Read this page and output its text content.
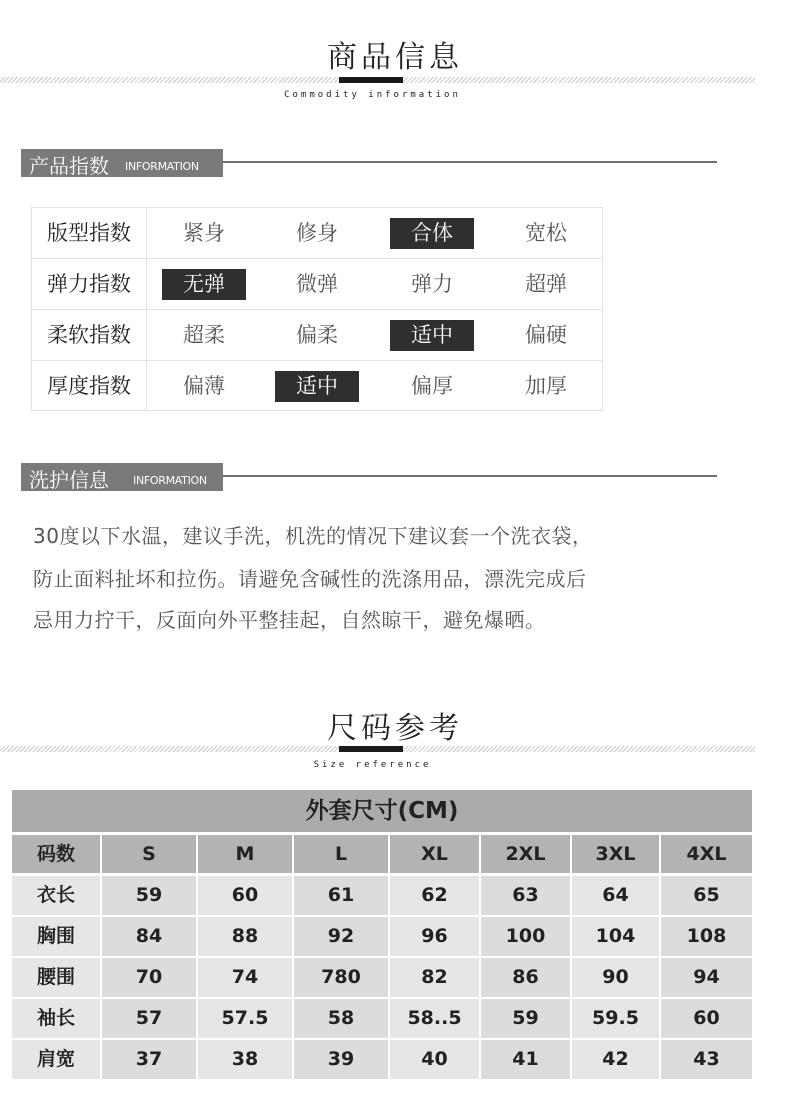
商品信息
Commodity information
产品指数 INFORMATION
版型指数	紧身	修身	合体	宽松
弹力指数	无弹	微弹	弹力	超弹
柔软指数	超柔	偏柔	适中	偏硬
厚度指数	偏薄	适中	偏厚	加厚
洗护信息 INFORMATION
30度以下水温，建议手洗，机洗的情况下建议套一个洗衣袋，
防止面料扯坏和拉伤。请避免含碱性的洗涤用品，漂洗完成后
忌用力拧干，反面向外平整挂起，自然晾干，避免爆晒。
尺码参考
Size reference
外套尺寸(CM)
码数	S	M	L	XL	2XL	3XL	4XL
衣长	59	60	61	62	63	64	65
胸围	84	88	92	96	100	104	108
腰围	70	74	780	82	86	90	94
袖长	57	57.5	58	58..5	59	59.5	60
肩宽	37	38	39	40	41	42	43
